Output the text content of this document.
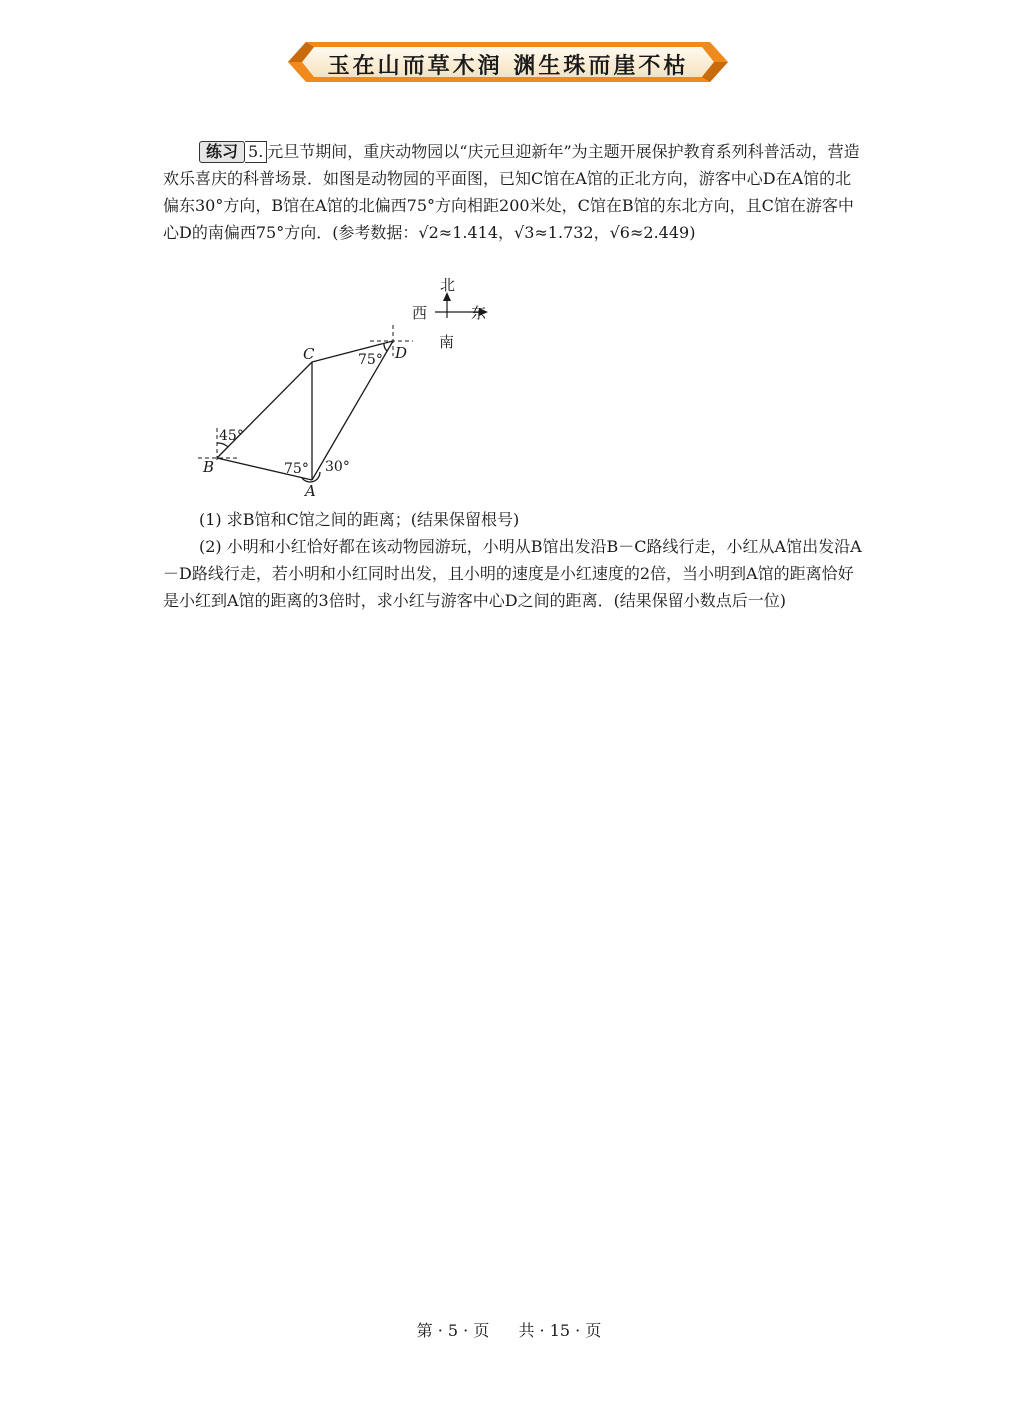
玉在山而草木润 渊生珠而崖不枯

练习 5. 元旦节期间，重庆动物园以“庆元旦迎新年”为主题开展保护教育系列科普活动，营造欢乐喜庆的科普场景．如图是动物园的平面图，已知C馆在A馆的正北方向，游客中心D在A馆的北偏东30°方向，B馆在A馆的北偏西75°方向相距200米处，C馆在B馆的东北方向，且C馆在游客中心D的南偏西75°方向．(参考数据：√2≈1.414，√3≈1.732，√6≈2.449)

北
西	东
南
C	D
B
A
45°
75° 30°
75°

(1) 求B馆和C馆之间的距离；(结果保留根号)

(2) 小明和小红恰好都在该动物园游玩，小明从B馆出发沿B－C路线行走，小红从A馆出发沿A－D路线行走，若小明和小红同时出发，且小明的速度是小红速度的2倍，当小明到A馆的距离恰好是小红到A馆的距离的3倍时，求小红与游客中心D之间的距离．(结果保留小数点后一位)

第 · 5 · 页 共 · 15 · 页
